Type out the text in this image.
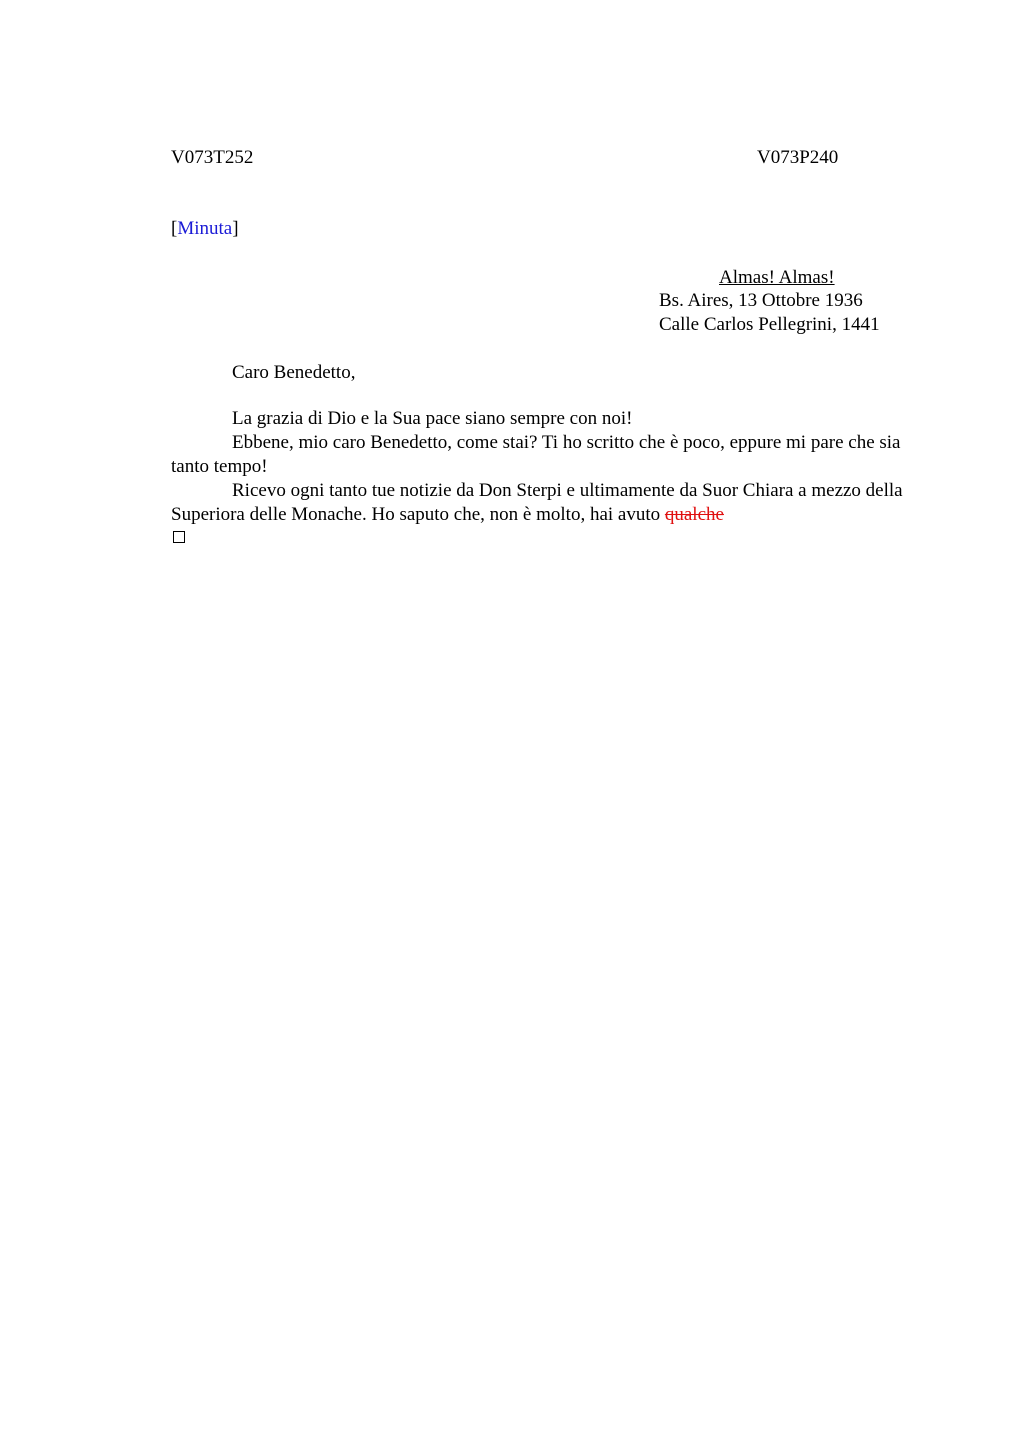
V073T252	V073P240
[Minuta]
Almas! Almas!
Bs. Aires, 13 Ottobre 1936
Calle Carlos Pellegrini, 1441
Caro Benedetto,

La grazia di Dio e la Sua pace siano sempre con noi!

Ebbene, mio caro Benedetto, come stai? Ti ho scritto che è poco, eppure mi pare che sia tanto tempo!

Ricevo ogni tanto tue notizie da Don Sterpi e ultimamente da Suor Chiara a mezzo della Superiora delle Monache. Ho saputo che, non è molto, hai avuto qualche
